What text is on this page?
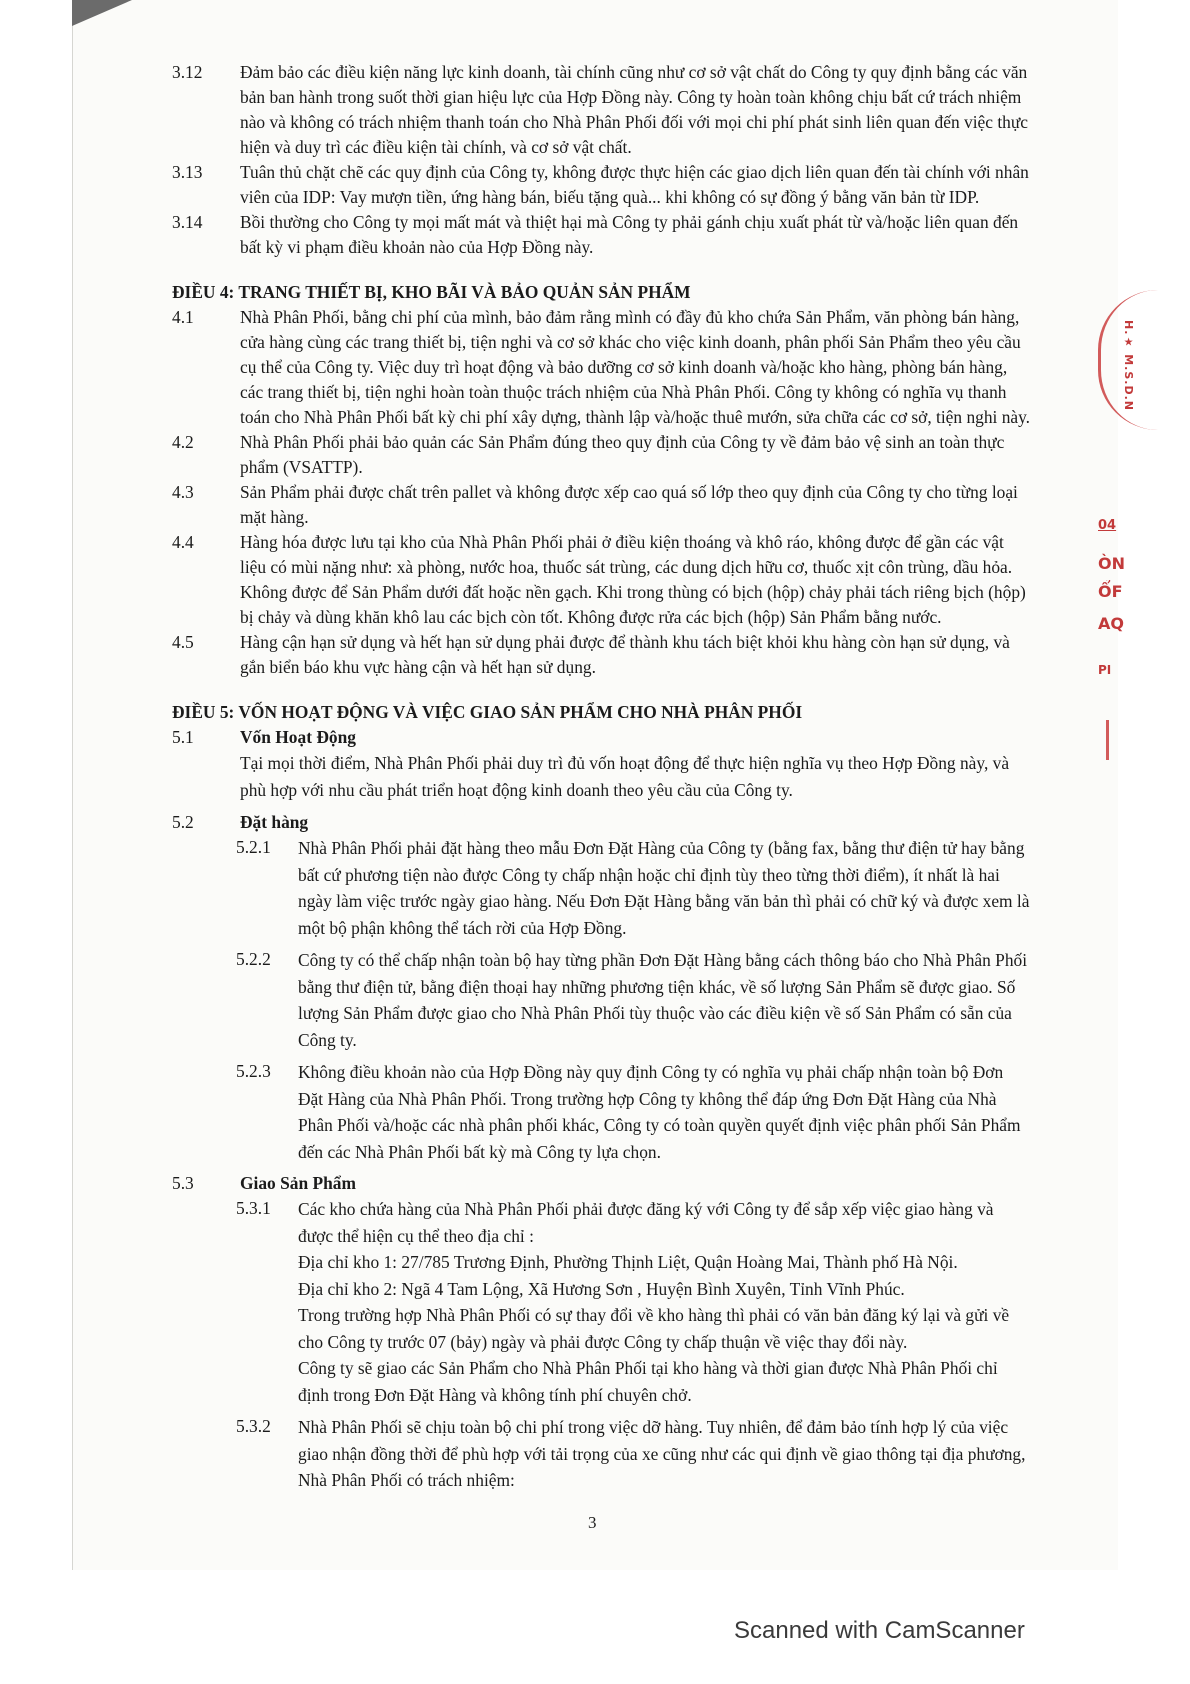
3.12 Đảm bảo các điều kiện năng lực kinh doanh, tài chính cũng như cơ sở vật chất do Công ty quy định bằng các văn bản ban hành trong suốt thời gian hiệu lực của Hợp Đồng này. Công ty hoàn toàn không chịu bất cứ trách nhiệm nào và không có trách nhiệm thanh toán cho Nhà Phân Phối đối với mọi chi phí phát sinh liên quan đến việc thực hiện và duy trì các điều kiện tài chính, và cơ sở vật chất.
3.13 Tuân thủ chặt chẽ các quy định của Công ty, không được thực hiện các giao dịch liên quan đến tài chính với nhân viên của IDP: Vay mượn tiền, ứng hàng bán, biếu tặng quà... khi không có sự đồng ý bằng văn bản từ IDP.
3.14 Bồi thường cho Công ty mọi mất mát và thiệt hại mà Công ty phải gánh chịu xuất phát từ và/hoặc liên quan đến bất kỳ vi phạm điều khoản nào của Hợp Đồng này.
ĐIỀU 4: TRANG THIẾT BỊ, KHO BÃI VÀ BẢO QUẢN SẢN PHẨM
4.1	Nhà Phân Phối, bằng chi phí của mình, bảo đảm rằng mình có đầy đủ kho chứa Sản Phẩm, văn phòng bán hàng, cửa hàng cùng các trang thiết bị, tiện nghi và cơ sở khác cho việc kinh doanh, phân phối Sản Phẩm theo yêu cầu cụ thể của Công ty. Việc duy trì hoạt động và bảo dưỡng cơ sở kinh doanh và/hoặc kho hàng, phòng bán hàng, các trang thiết bị, tiện nghi hoàn toàn thuộc trách nhiệm của Nhà Phân Phối. Công ty không có nghĩa vụ thanh toán cho Nhà Phân Phối bất kỳ chi phí xây dựng, thành lập và/hoặc thuê mướn, sửa chữa các cơ sở, tiện nghi này.
4.2	Nhà Phân Phối phải bảo quản các Sản Phẩm đúng theo quy định của Công ty về đảm bảo vệ sinh an toàn thực phẩm (VSATTP).
4.3	Sản Phẩm phải được chất trên pallet và không được xếp cao quá số lớp theo quy định của Công ty cho từng loại mặt hàng.
4.4	Hàng hóa được lưu tại kho của Nhà Phân Phối phải ở điều kiện thoáng và khô ráo, không được để gần các vật liệu có mùi nặng như: xà phòng, nước hoa, thuốc sát trùng, các dung dịch hữu cơ, thuốc xịt côn trùng, dầu hỏa. Không được để Sản Phẩm dưới đất hoặc nền gạch. Khi trong thùng có bịch (hộp) chảy phải tách riêng bịch (hộp) bị chảy và dùng khăn khô lau các bịch còn tốt. Không được rửa các bịch (hộp) Sản Phẩm bằng nước.
4.5	Hàng cận hạn sử dụng và hết hạn sử dụng phải được để thành khu tách biệt khỏi khu hàng còn hạn sử dụng, và gắn biển báo khu vực hàng cận và hết hạn sử dụng.
ĐIỀU 5: VỐN HOẠT ĐỘNG VÀ VIỆC GIAO SẢN PHẨM CHO NHÀ PHÂN PHỐI
5.1	Vốn Hoạt Động
Tại mọi thời điểm, Nhà Phân Phối phải duy trì đủ vốn hoạt động để thực hiện nghĩa vụ theo Hợp Đồng này, và phù hợp với nhu cầu phát triển hoạt động kinh doanh theo yêu cầu của Công ty.
5.2	Đặt hàng
5.2.1 Nhà Phân Phối phải đặt hàng theo mẫu Đơn Đặt Hàng của Công ty (bằng fax, bằng thư điện tử hay bằng bất cứ phương tiện nào được Công ty chấp nhận hoặc chỉ định tùy theo từng thời điểm), ít nhất là hai ngày làm việc trước ngày giao hàng. Nếu Đơn Đặt Hàng bằng văn bản thì phải có chữ ký và được xem là một bộ phận không thể tách rời của Hợp Đồng.
5.2.2 Công ty có thể chấp nhận toàn bộ hay từng phần Đơn Đặt Hàng bằng cách thông báo cho Nhà Phân Phối bằng thư điện tử, bằng điện thoại hay những phương tiện khác, về số lượng Sản Phẩm sẽ được giao. Số lượng Sản Phẩm được giao cho Nhà Phân Phối tùy thuộc vào các điều kiện về số Sản Phẩm có sẵn của Công ty.
5.2.3 Không điều khoản nào của Hợp Đồng này quy định Công ty có nghĩa vụ phải chấp nhận toàn bộ Đơn Đặt Hàng của Nhà Phân Phối. Trong trường hợp Công ty không thể đáp ứng Đơn Đặt Hàng của Nhà Phân Phối và/hoặc các nhà phân phối khác, Công ty có toàn quyền quyết định việc phân phối Sản Phẩm đến các Nhà Phân Phối bất kỳ mà Công ty lựa chọn.
5.3	Giao Sản Phẩm
5.3.1 Các kho chứa hàng của Nhà Phân Phối phải được đăng ký với Công ty để sắp xếp việc giao hàng và được thể hiện cụ thể theo địa chỉ :
Địa chỉ kho 1: 27/785 Trương Định, Phường Thịnh Liệt, Quận Hoàng Mai, Thành phố Hà Nội.
Địa chỉ kho 2: Ngã 4 Tam Lộng, Xã Hương Sơn , Huyện Bình Xuyên, Tỉnh Vĩnh Phúc.
Trong trường hợp Nhà Phân Phối có sự thay đổi về kho hàng thì phải có văn bản đăng ký lại và gửi về cho Công ty trước 07 (bảy) ngày và phải được Công ty chấp thuận về việc thay đổi này.
Công ty sẽ giao các Sản Phẩm cho Nhà Phân Phối tại kho hàng và thời gian được Nhà Phân Phối chỉ định trong Đơn Đặt Hàng và không tính phí chuyên chở.
5.3.2 Nhà Phân Phối sẽ chịu toàn bộ chi phí trong việc dỡ hàng. Tuy nhiên, để đảm bảo tính hợp lý của việc giao nhận đồng thời để phù hợp với tải trọng của xe cũng như các qui định về giao thông tại địa phương, Nhà Phân Phối có trách nhiệm:
3
H.★ M.S.D.N
04
ÒN
ỔF
AQ
PI
Scanned with CamScanner
